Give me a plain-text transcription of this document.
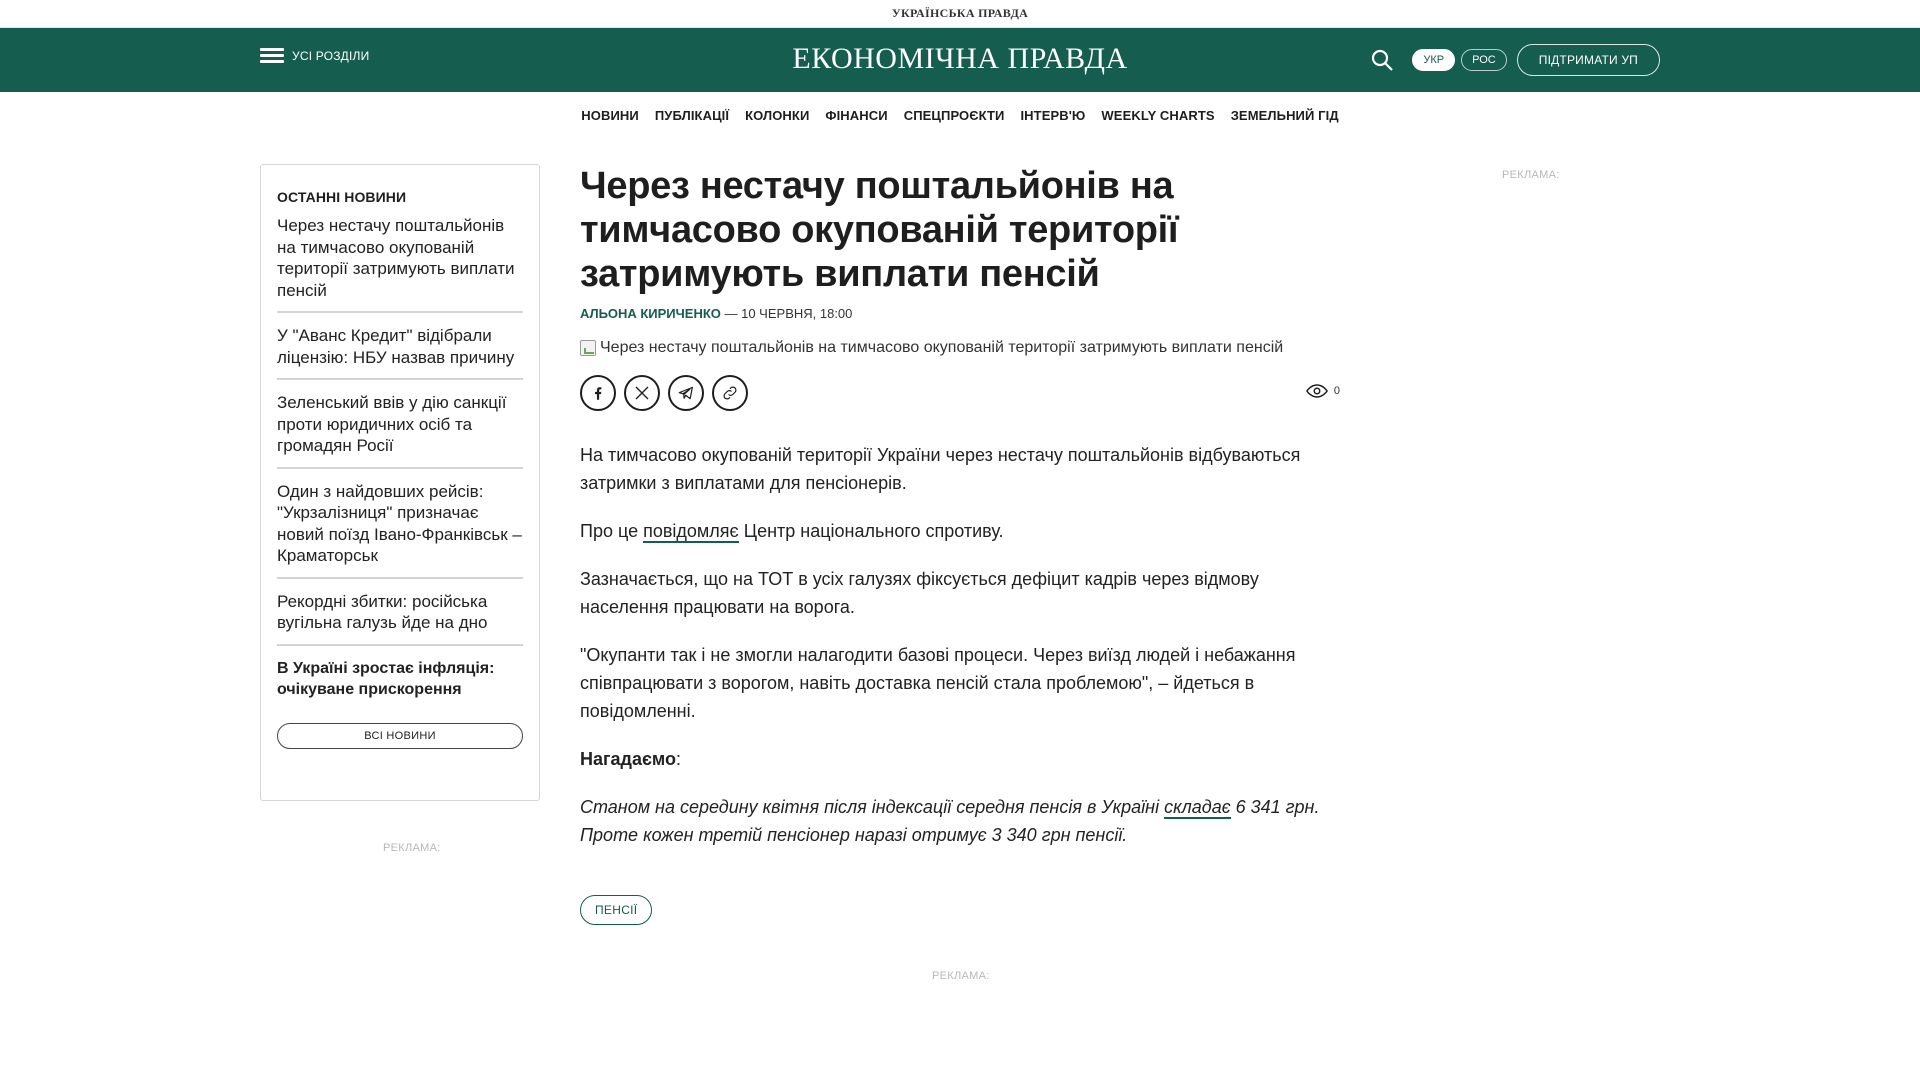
УКРАЇНСЬКА ПРАВДА
УСІ РОЗДІЛИ	ЕКОНОМІЧНА ПРАВДА	УКР	РОС	ПІДТРИМАТИ УП
НОВИНИ ПУБЛІКАЦІЇ КОЛОНКИ ФІНАНСИ СПЕЦПРОЄКТИ ІНТЕРВ'Ю WEEKLY CHARTS ЗЕМЕЛЬНИЙ ГІД
ОСТАННІ НОВИНИ
Через нестачу поштальйонів на тимчасово окупованій території затримують виплати пенсій
У "Аванс Кредит" відібрали ліцензію: НБУ назвав причину
Зеленський ввів у дію санкції проти юридичних осіб та громадян Росії
Один з найдовших рейсів: "Укрзалізниця" призначає новий поїзд Івано-Франківськ – Краматорськ
Рекордні збитки: російська вугільна галузь йде на дно
В Україні зростає інфляція: очікуване прискорення
ВСІ НОВИНИ
РЕКЛАМА:
Через нестачу поштальйонів на тимчасово окупованій території затримують виплати пенсій
АЛЬОНА КИРИЧЕНКО — 10 ЧЕРВНЯ, 18:00
Через нестачу поштальйонів на тимчасово окупованій території затримують виплати пенсій
0

На тимчасово окупованій території України через нестачу поштальйонів відбуваються затримки з виплатами для пенсіонерів.

Про це повідомляє Центр національного спротиву.

Зазначається, що на ТОТ в усіх галузях фіксується дефіцит кадрів через відмову населення працювати на ворога.

"Окупанти так і не змогли налагодити базові процеси. Через виїзд людей і небажання співпрацювати з ворогом, навіть доставка пенсій стала проблемою", – йдеться в повідомленні.

Нагадаємо:

Станом на середину квітня після індексації середня пенсія в Україні складає 6 341 грн. Проте кожен третій пенсіонер наразі отримує 3 340 грн пенсії.

ПЕНСІЇ
РЕКЛАМА:
РЕКЛАМА:
